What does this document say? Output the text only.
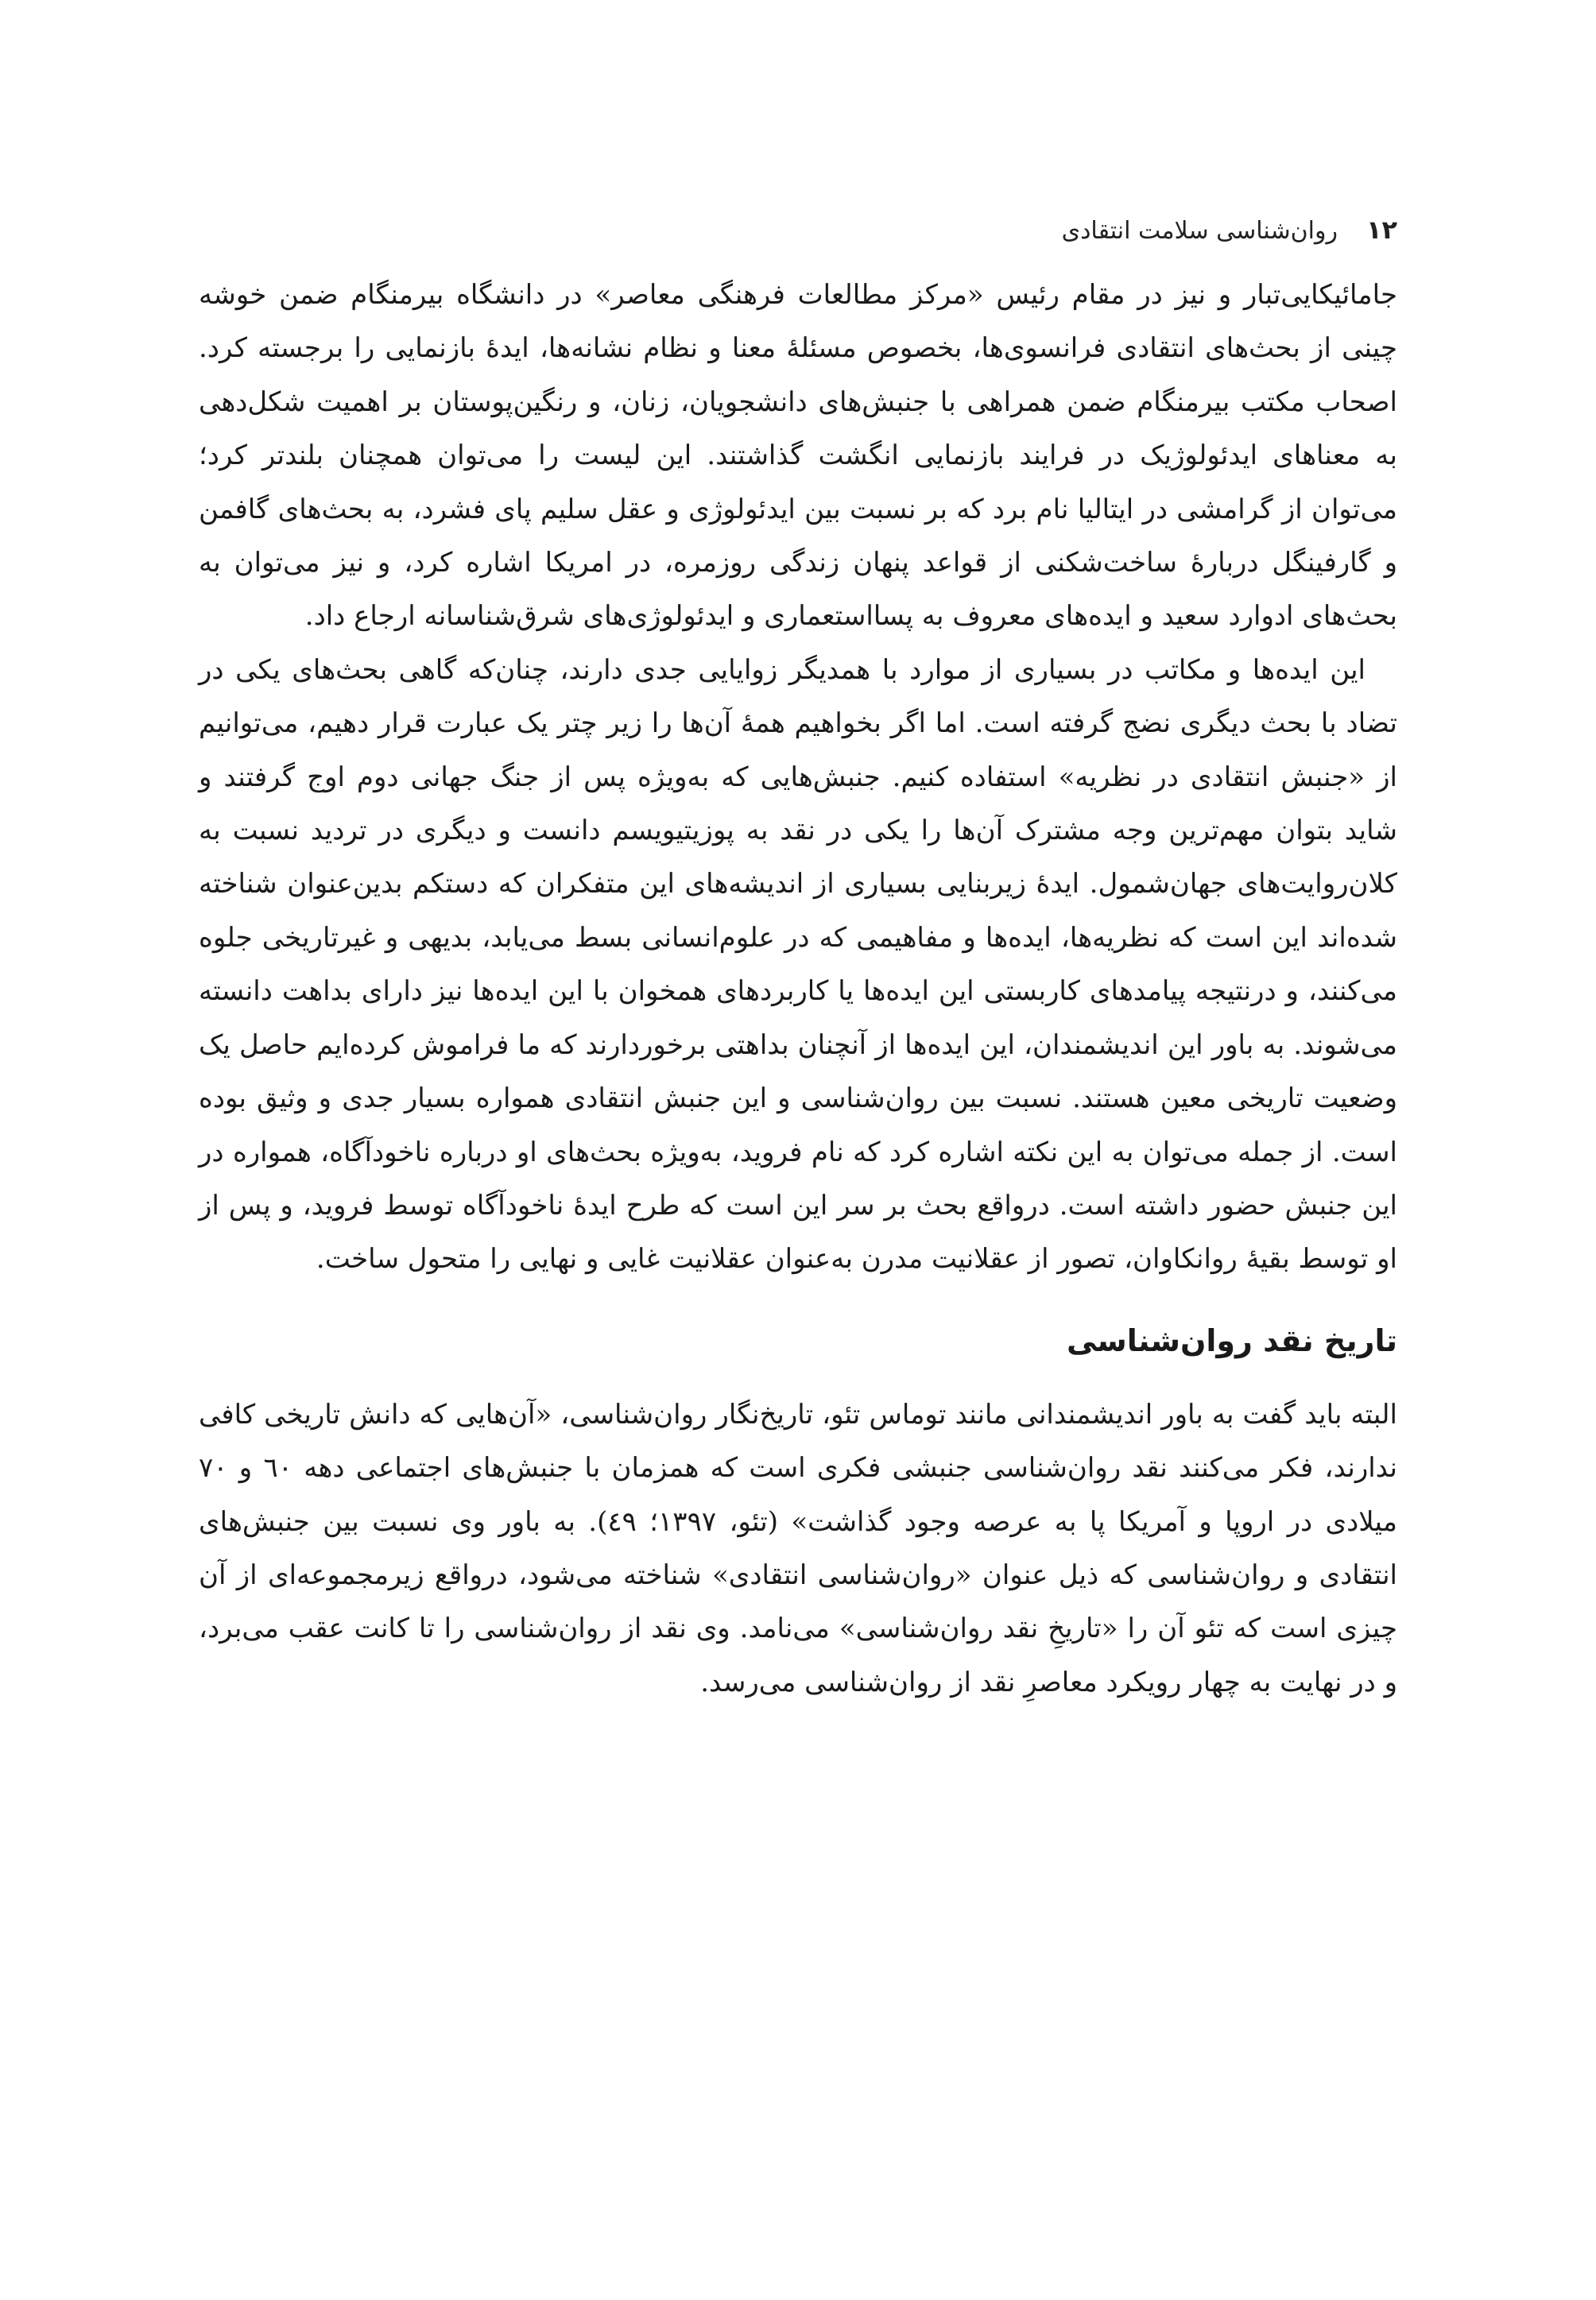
۱۲
روان‌شناسی سلامت انتقادی

جامائیکایی‌تبار و نیز در مقام رئیس «مرکز مطالعات فرهنگی معاصر» در دانشگاه بیرمنگام ضمن خوشه چینی از بحث‌های انتقادی فرانسوی‌ها، بخصوص مسئلهٔ معنا و نظام نشانه‌ها، ایدهٔ بازنمایی را برجسته کرد. اصحاب مکتب بیرمنگام ضمن همراهی با جنبش‌های دانشجویان، زنان، و رنگین‌پوستان بر اهمیت شکل‌دهی به معناهای ایدئولوژیک در فرایند بازنمایی انگشت گذاشتند. این لیست را می‌توان همچنان بلندتر کرد؛ می‌توان از گرامشی در ایتالیا نام برد که بر نسبت بین ایدئولوژی و عقل سلیم پای فشرد، به بحث‌های گافمن و گارفینگل دربارهٔ ساخت‌شکنی از قواعد پنهان زندگی روزمره، در امریکا اشاره کرد، و نیز می‌توان به بحث‌های ادوارد سعید و ایده‌های معروف به پسااستعماری و ایدئولوژی‌های شرق‌شناسانه ارجاع داد.

این ایده‌ها و مکاتب در بسیاری از موارد با همدیگر زوایایی جدی دارند، چنان‌که گاهی بحث‌های یکی در تضاد با بحث دیگری نضج گرفته است. اما اگر بخواهیم همهٔ آن‌ها را زیر چتر یک عبارت قرار دهیم، می‌توانیم از «جنبش انتقادی در نظریه» استفاده کنیم. جنبش‌هایی که به‌ویژه پس از جنگ جهانی دوم اوج گرفتند و شاید بتوان مهم‌ترین وجه مشترک آن‌ها را یکی در نقد به پوزیتیویسم دانست و دیگری در تردید نسبت به کلان‌روایت‌های جهان‌شمول. ایدهٔ زیربنایی بسیاری از اندیشه‌های این متفکران که دستکم بدین‌عنوان شناخته شده‌اند این است که نظریه‌ها، ایده‌ها و مفاهیمی که در علوم‌انسانی بسط می‌یابد، بدیهی و غیرتاریخی جلوه می‌کنند، و درنتیجه پیامدهای کاربستی این ایده‌ها یا کاربردهای همخوان با این ایده‌ها نیز دارای بداهت دانسته می‌شوند. به باور این اندیشمندان، این ایده‌ها از آنچنان بداهتی برخوردارند که ما فراموش کرده‌ایم حاصل یک وضعیت تاریخی معین هستند. نسبت بین روان‌شناسی و این جنبش انتقادی همواره بسیار جدی و وثیق بوده است. از جمله می‌توان به این نکته اشاره کرد که نام فروید، به‌ویژه بحث‌های او درباره ناخودآگاه، همواره در این جنبش حضور داشته است. درواقع بحث بر سر این است که طرح ایدهٔ ناخودآگاه توسط فروید، و پس از او توسط بقیهٔ روانکاوان، تصور از عقلانیت مدرن به‌عنوان عقلانیت غایی و نهایی را متحول ساخت.

تاریخ نقد روان‌شناسی

البته باید گفت به باور اندیشمندانی مانند توماس تئو، تاریخ‌نگار روان‌شناسی، «آن‌هایی که دانش تاریخی کافی ندارند، فکر می‌کنند نقد روان‌شناسی جنبشی فکری است که همزمان با جنبش‌های اجتماعی دهه ٦٠ و ٧٠ میلادی در اروپا و آمریکا پا به عرصه وجود گذاشت» (تئو، ۱۳۹۷؛ ٤٩). به باور وی نسبت بین جنبش‌های انتقادی و روان‌شناسی که ذیل عنوان «روان‌شناسی انتقادی» شناخته می‌شود، درواقع زیرمجموعه‌ای از آن چیزی است که تئو آن را «تاریخِ نقد روان‌شناسی» می‌نامد. وی نقد از روان‌شناسی را تا کانت عقب می‌برد، و در نهایت به چهار رویکرد معاصرِ نقد از روان‌شناسی می‌رسد.
